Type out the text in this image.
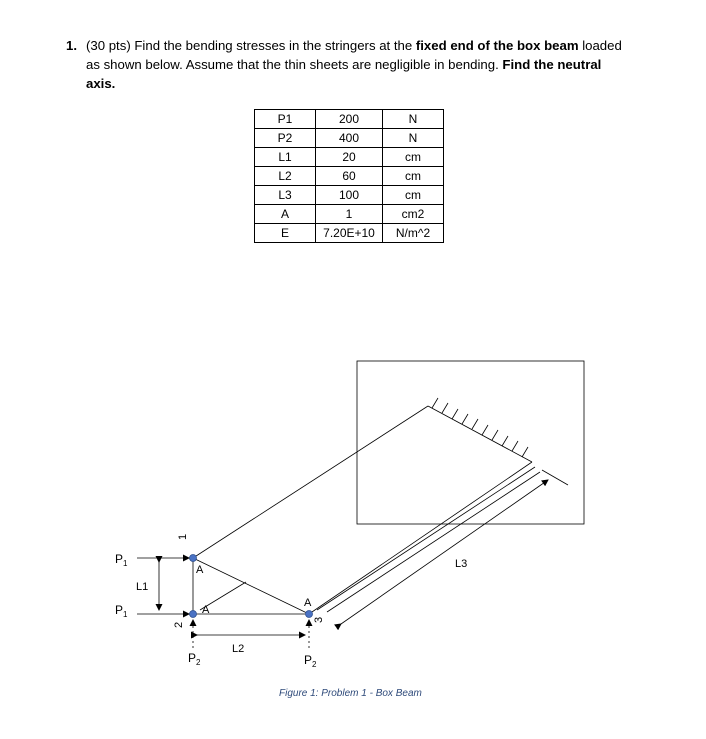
1. (30 pts) Find the bending stresses in the stringers at the fixed end of the box beam loaded as shown below. Assume that the thin sheets are negligible in bending. Find the neutral axis.
P1	200	N
P2	400	N
L1	20	cm
L2	60	cm
L3	100	cm
A	1	cm2
E	7.20E+10	N/m^2
L3
1
2
3
A
A
A
$P_1$
$P_1$
L1
$P_2$	$P_2$
L2
Figure 1: Problem 1 - Box Beam
